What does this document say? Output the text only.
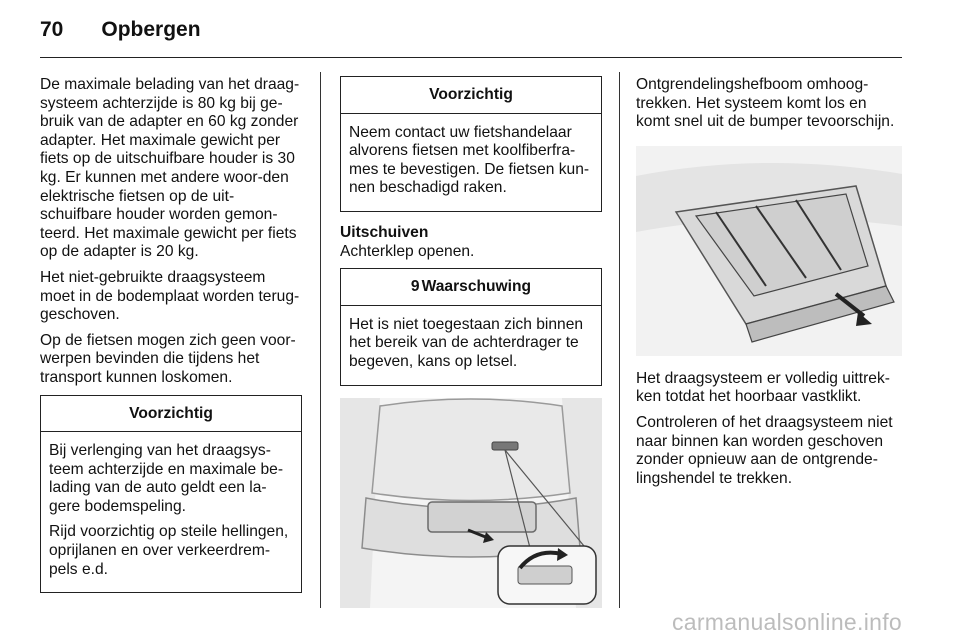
70 Opbergen

De maximale belading van het draag-systeem achterzijde is 80 kg bij ge-bruik van de adapter en 60 kg zonder adapter. Het maximale gewicht per fiets op de uitschuifbare houder is 30 kg. Er kunnen met andere woor-den elektrische fietsen op de uit-schuifbare houder worden gemon-teerd. Het maximale gewicht per fiets op de adapter is 20 kg.

Het niet-gebruikte draagsysteem moet in de bodemplaat worden terug-geschoven.

Op de fietsen mogen zich geen voor-werpen bevinden die tijdens het transport kunnen loskomen.

Voorzichtig

Bij verlenging van het draagsys-teem achterzijde en maximale be-lading van de auto geldt een la-gere bodemspeling.

Rijd voorzichtig op steile hellingen, oprijlanen en over verkeerdrem-pels e.d.

Voorzichtig

Neem contact uw fietshandelaar alvorens fietsen met koolfiberfra-mes te bevestigen. De fietsen kun-nen beschadigd raken.

Uitschuiven

Achterklep openen.

9 Waarschuwing

Het is niet toegestaan zich binnen het bereik van de achterdrager te begeven, kans op letsel.

Ontgrendelingshefboom omhoog-trekken. Het systeem komt los en komt snel uit de bumper tevoorschijn.

Het draagsysteem er volledig uittrek-ken totdat het hoorbaar vastklikt.

Controleren of het draagsysteem niet naar binnen kan worden geschoven zonder opnieuw aan de ontgrende-lingshendel te trekken.

carmanualsonline.info
